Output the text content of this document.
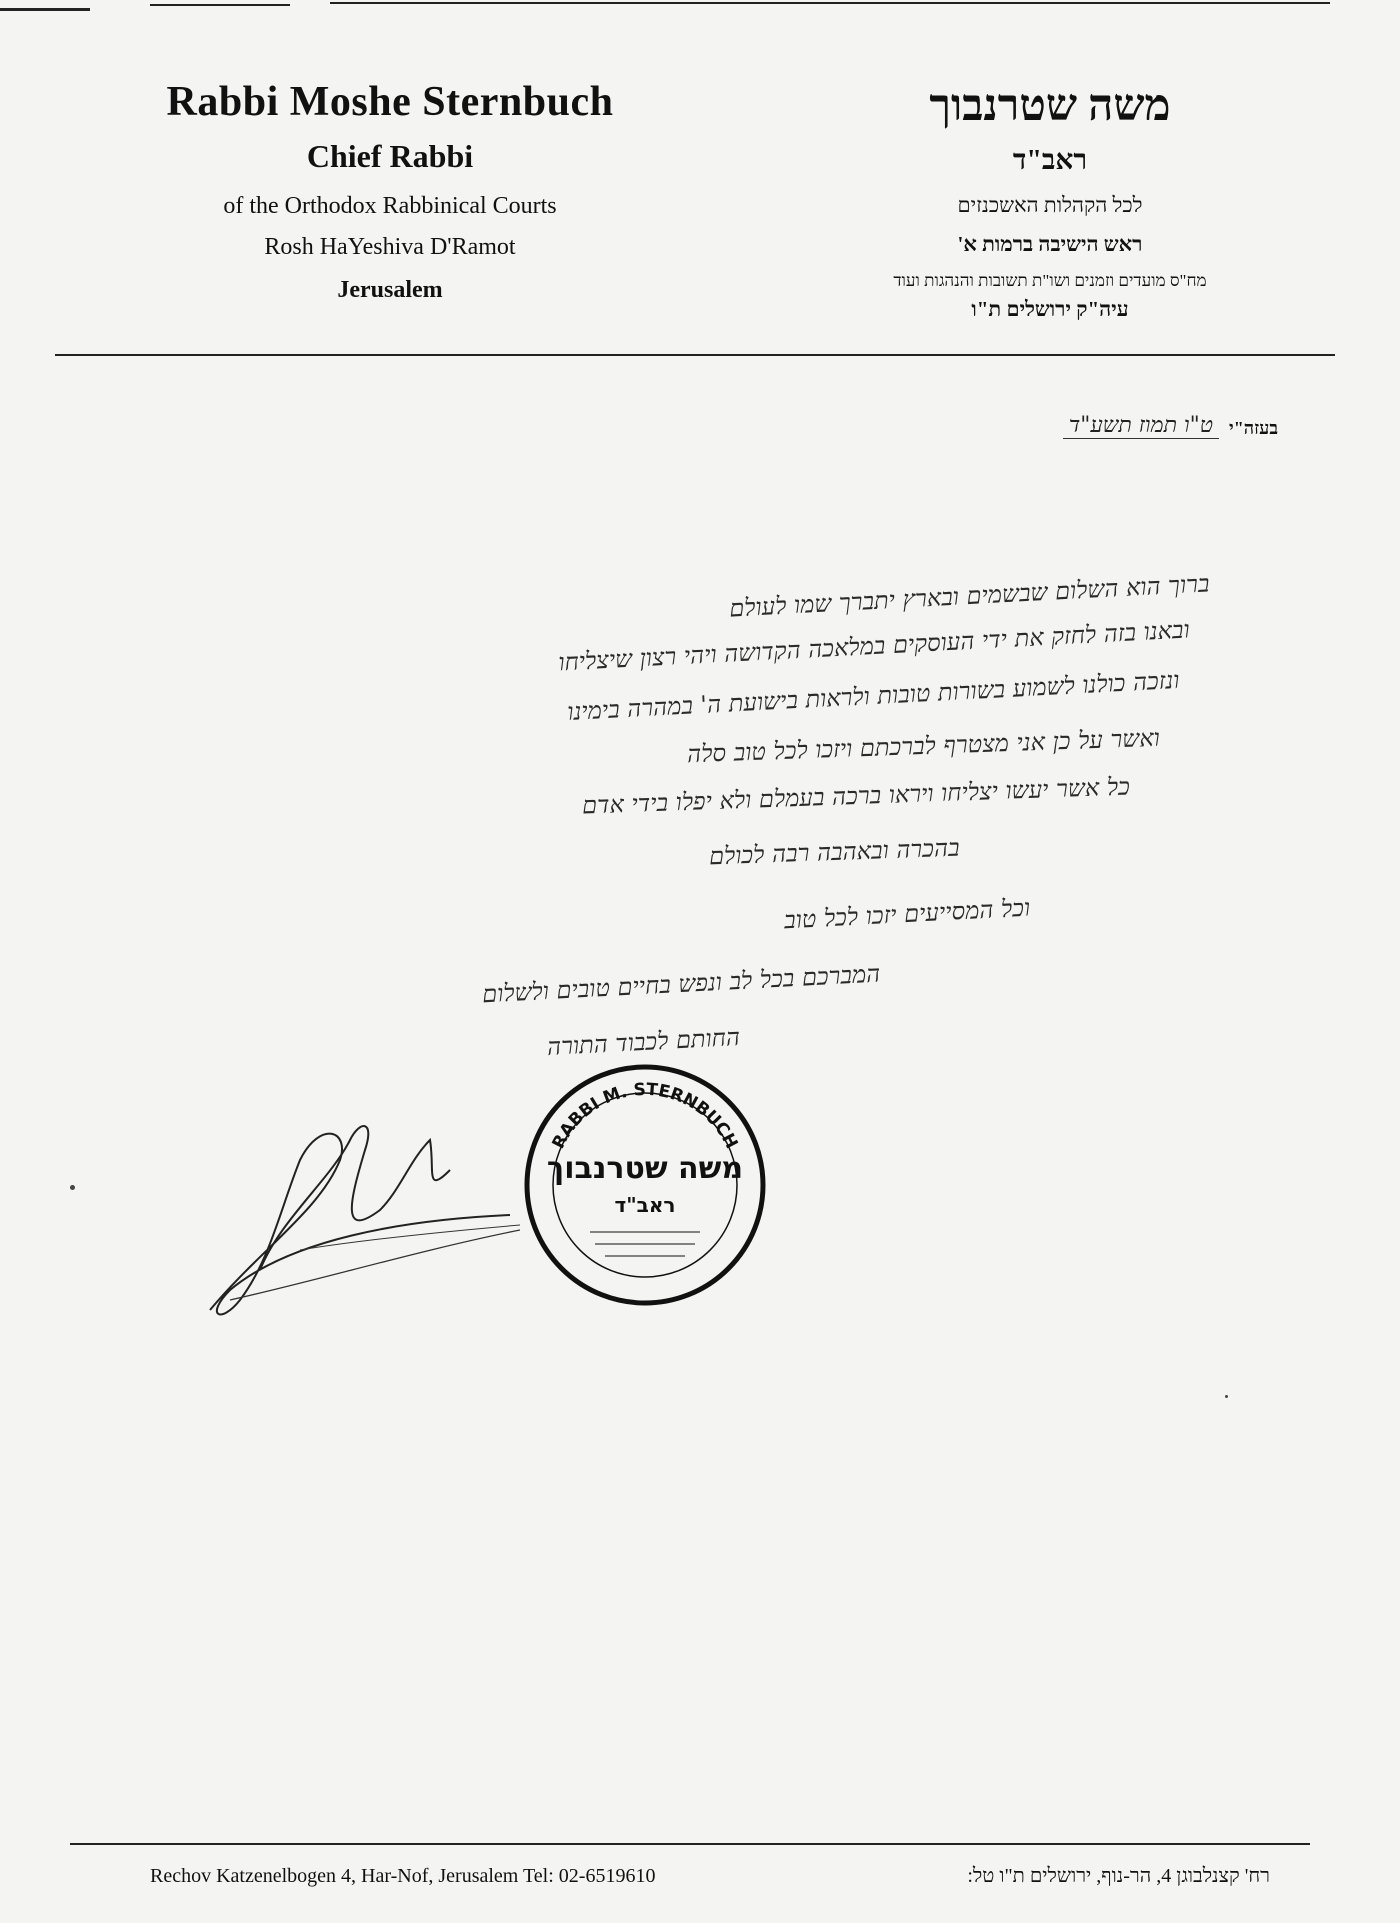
Rabbi Moshe Sternbuch
Chief Rabbi
of the Orthodox Rabbinical Courts
Rosh HaYeshiva D'Ramot
Jerusalem
משה שטרנבוך
ראב"ד
לכל הקהלות האשכנזים
ראש הישיבה ברמות א'
מח"ס מועדים וזמנים ושו"ת תשובות והנהגות ועוד
עיה"ק ירושלים ת"ו
בעזה"י
ט"ו תמוז תשע"ד

ברוך הוא השלום שבשמים ובארץ יתברך שמו לעולם

ובאנו בזה לחזק את ידי העוסקים במלאכה הקדושה ויהי רצון שיצליחו

ונזכה כולנו לשמוע בשורות טובות ולראות בישועת ה' במהרה בימינו

ואשר על כן אני מצטרף לברכתם ויזכו לכל טוב סלה

כל אשר יעשו יצליחו ויראו ברכה בעמלם ולא יפלו בידי אדם

בהכרה ובאהבה רבה לכולם

וכל המסייעים יזכו לכל טוב

המברכם בכל לב ונפש בחיים טובים ולשלום

החותם לכבוד התורה

RABBI M. STERNBUCH
משה שטרנבוך
ראב"ד
Rechov Katzenelbogen 4, Har-Nof, Jerusalem Tel: 02-6519610	רח' קצנלבוגן 4, הר-נוף, ירושלים ת"ו טל:
